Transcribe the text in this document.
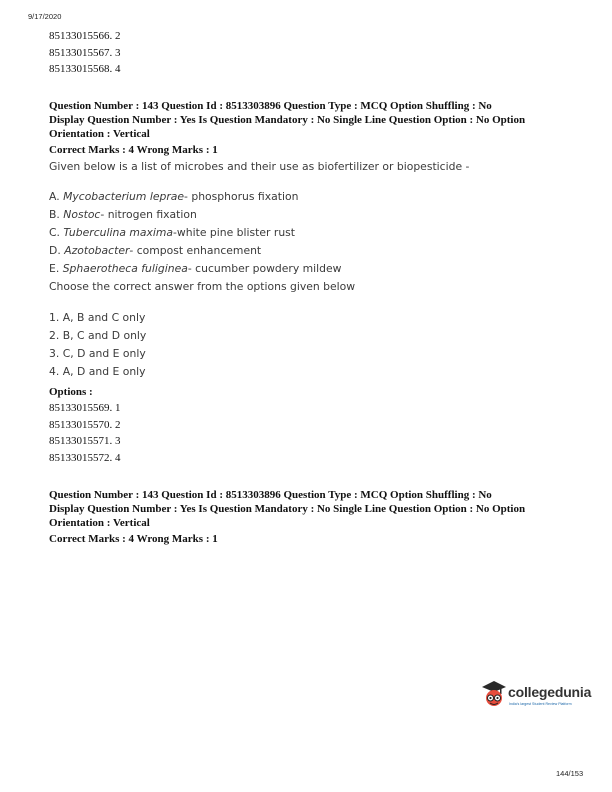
9/17/2020

85133015566. 2

85133015567. 3

85133015568. 4

Question Number : 143 Question Id : 8513303896 Question Type : MCQ Option Shuffling : No

Display Question Number : Yes Is Question Mandatory : No Single Line Question Option : No Option

Orientation : Vertical

Correct Marks : 4 Wrong Marks : 1

Given below is a list of microbes and their use as biofertilizer or biopesticide -

A. Mycobacterium leprae- phosphorus fixation

B. Nostoc- nitrogen fixation

C. Tuberculina maxima-white pine blister rust

D. Azotobacter- compost enhancement

E. Sphaerotheca fuliginea- cucumber powdery mildew

Choose the correct answer from the options given below

1. A, B and C only

2. B, C and D only

3. C, D and E only

4. A, D and E only

Options :

85133015569. 1

85133015570. 2

85133015571. 3

85133015572. 4

Question Number : 143 Question Id : 8513303896 Question Type : MCQ Option Shuffling : No

Display Question Number : Yes Is Question Mandatory : No Single Line Question Option : No Option

Orientation : Vertical

Correct Marks : 4 Wrong Marks : 1

collegedunia
India's largest Student Review Platform
144/153
